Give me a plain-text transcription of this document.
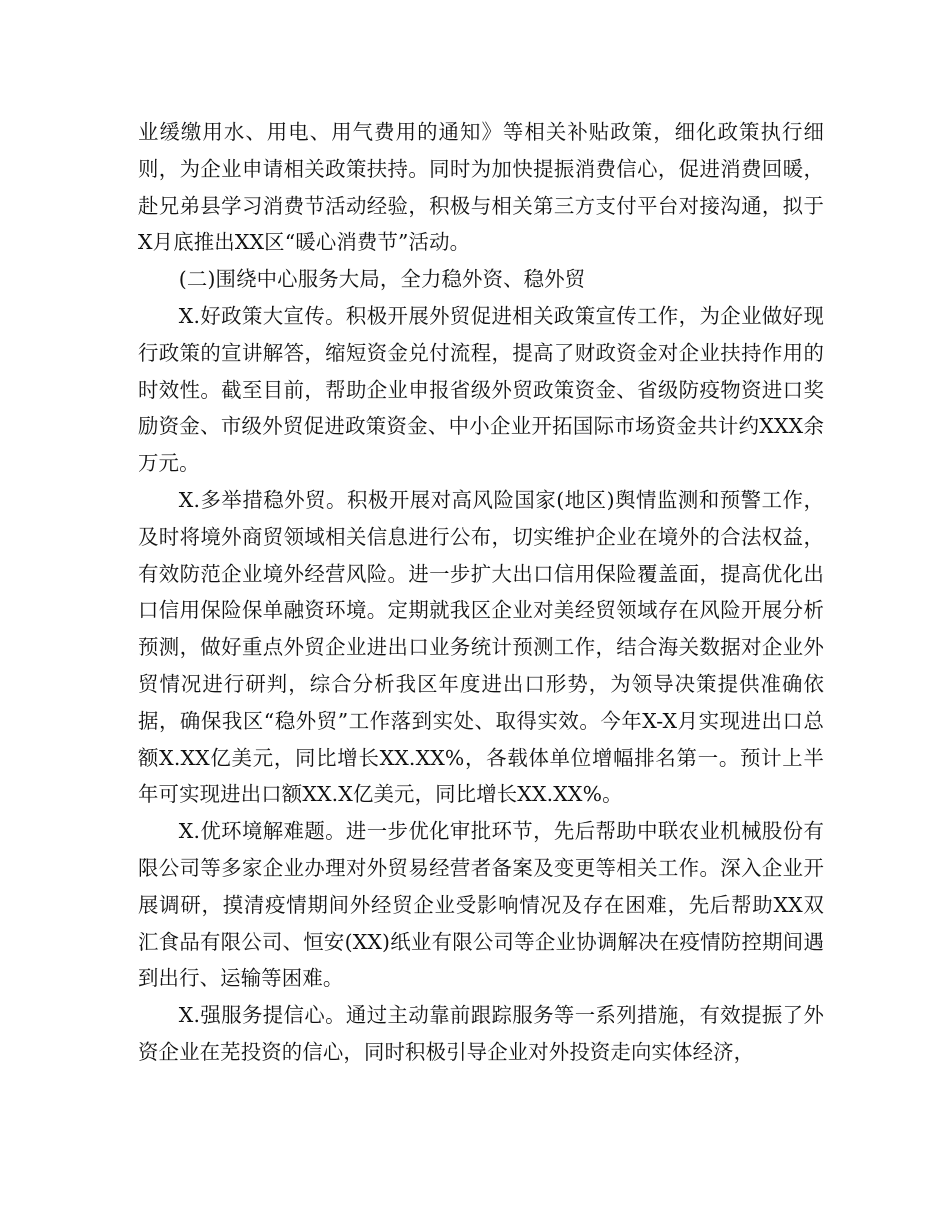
业缓缴用水、用电、用气费用的通知》等相关补贴政策，细化政策执行细则，为企业申请相关政策扶持。同时为加快提振消费信心，促进消费回暖，赴兄弟县学习消费节活动经验，积极与相关第三方支付平台对接沟通，拟于X月底推出XX区“暖心消费节”活动。

(二)围绕中心服务大局，全力稳外资、稳外贸

X.好政策大宣传。积极开展外贸促进相关政策宣传工作，为企业做好现行政策的宣讲解答，缩短资金兑付流程，提高了财政资金对企业扶持作用的时效性。截至目前，帮助企业申报省级外贸政策资金、省级防疫物资进口奖励资金、市级外贸促进政策资金、中小企业开拓国际市场资金共计约XXX余万元。

X.多举措稳外贸。积极开展对高风险国家(地区)舆情监测和预警工作，及时将境外商贸领域相关信息进行公布，切实维护企业在境外的合法权益，有效防范企业境外经营风险。进一步扩大出口信用保险覆盖面，提高优化出口信用保险保单融资环境。定期就我区企业对美经贸领域存在风险开展分析预测，做好重点外贸企业进出口业务统计预测工作，结合海关数据对企业外贸情况进行研判，综合分析我区年度进出口形势，为领导决策提供准确依据，确保我区“稳外贸”工作落到实处、取得实效。今年X-X月实现进出口总额X.XX亿美元，同比增长XX.XX%，各载体单位增幅排名第一。预计上半年可实现进出口额XX.X亿美元，同比增长XX.XX%。

X.优环境解难题。进一步优化审批环节，先后帮助中联农业机械股份有限公司等多家企业办理对外贸易经营者备案及变更等相关工作。深入企业开展调研，摸清疫情期间外经贸企业受影响情况及存在困难，先后帮助XX双汇食品有限公司、恒安(XX)纸业有限公司等企业协调解决在疫情防控期间遇到出行、运输等困难。

X.强服务提信心。通过主动靠前跟踪服务等一系列措施，有效提振了外资企业在芜投资的信心，同时积极引导企业对外投资走向实体经济，
